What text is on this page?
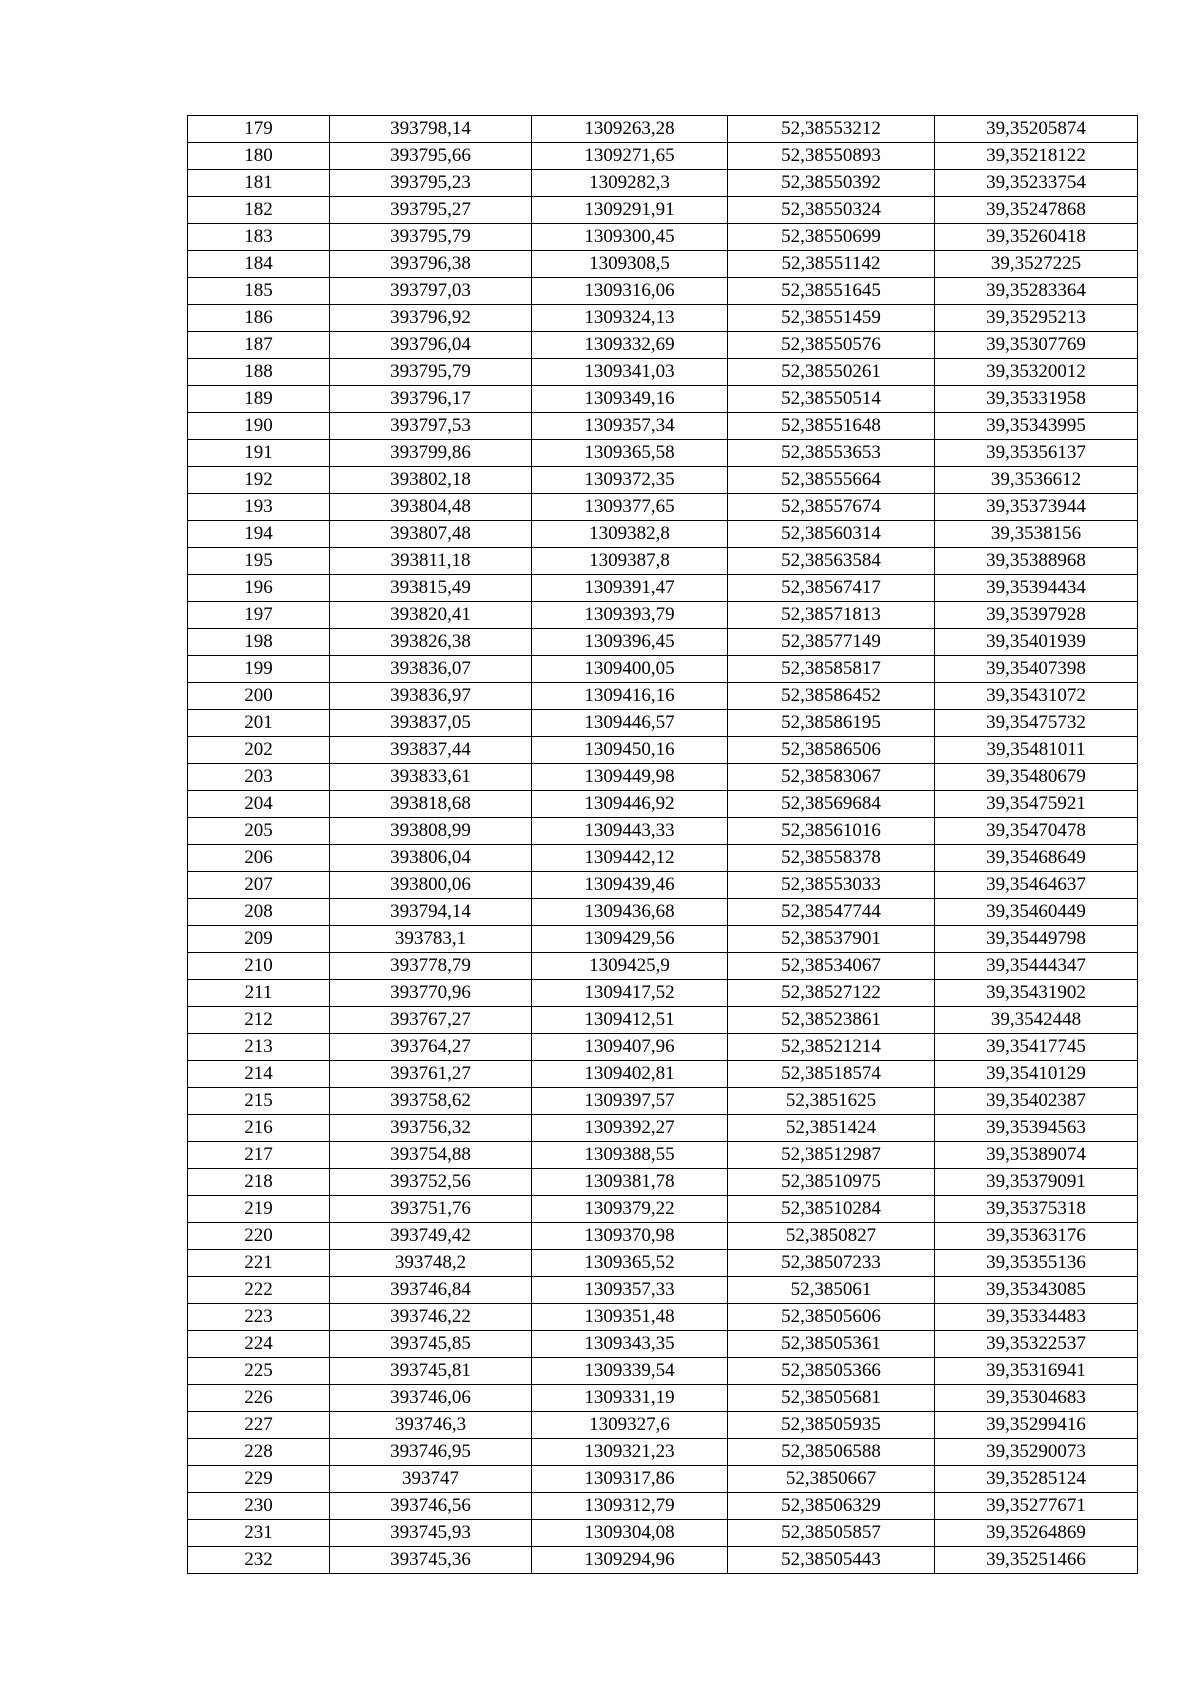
179	393798,14	1309263,28	52,38553212	39,35205874
180	393795,66	1309271,65	52,38550893	39,35218122
181	393795,23	1309282,3	52,38550392	39,35233754
182	393795,27	1309291,91	52,38550324	39,35247868
183	393795,79	1309300,45	52,38550699	39,35260418
184	393796,38	1309308,5	52,38551142	39,3527225
185	393797,03	1309316,06	52,38551645	39,35283364
186	393796,92	1309324,13	52,38551459	39,35295213
187	393796,04	1309332,69	52,38550576	39,35307769
188	393795,79	1309341,03	52,38550261	39,35320012
189	393796,17	1309349,16	52,38550514	39,35331958
190	393797,53	1309357,34	52,38551648	39,35343995
191	393799,86	1309365,58	52,38553653	39,35356137
192	393802,18	1309372,35	52,38555664	39,3536612
193	393804,48	1309377,65	52,38557674	39,35373944
194	393807,48	1309382,8	52,38560314	39,3538156
195	393811,18	1309387,8	52,38563584	39,35388968
196	393815,49	1309391,47	52,38567417	39,35394434
197	393820,41	1309393,79	52,38571813	39,35397928
198	393826,38	1309396,45	52,38577149	39,35401939
199	393836,07	1309400,05	52,38585817	39,35407398
200	393836,97	1309416,16	52,38586452	39,35431072
201	393837,05	1309446,57	52,38586195	39,35475732
202	393837,44	1309450,16	52,38586506	39,35481011
203	393833,61	1309449,98	52,38583067	39,35480679
204	393818,68	1309446,92	52,38569684	39,35475921
205	393808,99	1309443,33	52,38561016	39,35470478
206	393806,04	1309442,12	52,38558378	39,35468649
207	393800,06	1309439,46	52,38553033	39,35464637
208	393794,14	1309436,68	52,38547744	39,35460449
209	393783,1	1309429,56	52,38537901	39,35449798
210	393778,79	1309425,9	52,38534067	39,35444347
211	393770,96	1309417,52	52,38527122	39,35431902
212	393767,27	1309412,51	52,38523861	39,3542448
213	393764,27	1309407,96	52,38521214	39,35417745
214	393761,27	1309402,81	52,38518574	39,35410129
215	393758,62	1309397,57	52,3851625	39,35402387
216	393756,32	1309392,27	52,3851424	39,35394563
217	393754,88	1309388,55	52,38512987	39,35389074
218	393752,56	1309381,78	52,38510975	39,35379091
219	393751,76	1309379,22	52,38510284	39,35375318
220	393749,42	1309370,98	52,3850827	39,35363176
221	393748,2	1309365,52	52,38507233	39,35355136
222	393746,84	1309357,33	52,385061	39,35343085
223	393746,22	1309351,48	52,38505606	39,35334483
224	393745,85	1309343,35	52,38505361	39,35322537
225	393745,81	1309339,54	52,38505366	39,35316941
226	393746,06	1309331,19	52,38505681	39,35304683
227	393746,3	1309327,6	52,38505935	39,35299416
228	393746,95	1309321,23	52,38506588	39,35290073
229	393747	1309317,86	52,3850667	39,35285124
230	393746,56	1309312,79	52,38506329	39,35277671
231	393745,93	1309304,08	52,38505857	39,35264869
232	393745,36	1309294,96	52,38505443	39,35251466
